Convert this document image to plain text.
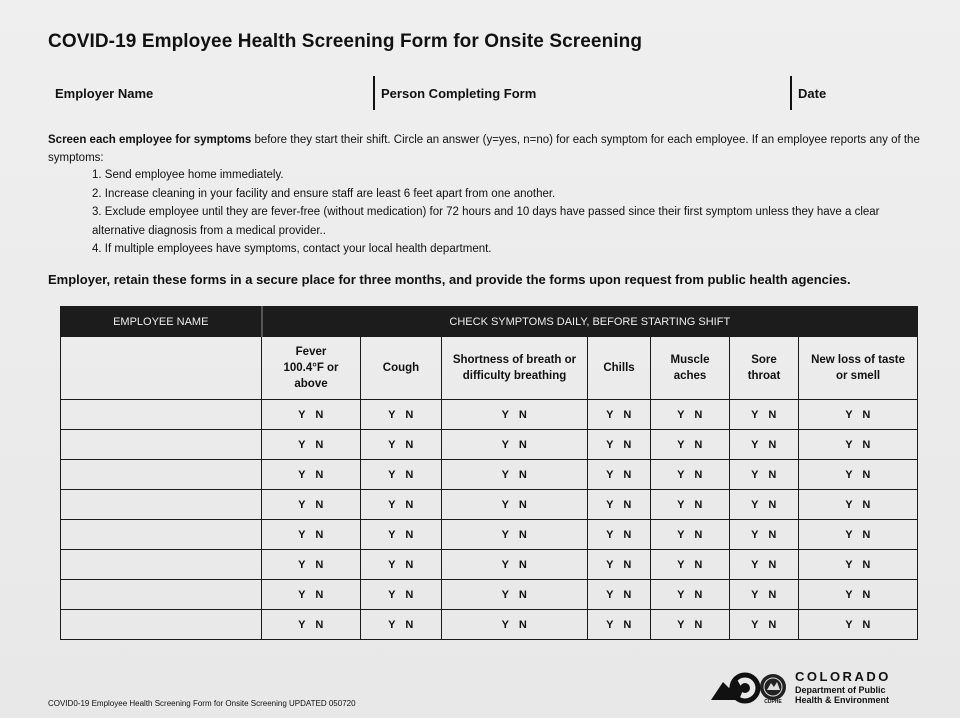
COVID-19 Employee Health Screening Form for Onsite Screening
Employer Name	Person Completing Form	Date
Screen each employee for symptoms before they start their shift. Circle an answer (y=yes, n=no) for each symptom for each employee. If an employee reports any of the symptoms:
1. Send employee home immediately.
2. Increase cleaning in your facility and ensure staff are least 6 feet apart from one another.
3. Exclude employee until they are fever-free (without medication) for 72 hours and 10 days have passed since their first symptom unless they have a clear alternative diagnosis from a medical provider..
4. If multiple employees have symptoms, contact your local health department.
Employer, retain these forms in a secure place for three months, and provide the forms upon request from public health agencies.
EMPLOYEE NAME	CHECK SYMPTOMS DAILY, BEFORE STARTING SHIFT						
	Fever 100.4°F or above	Cough	Shortness of breath or difficulty breathing	Chills	Muscle aches	Sore throat	New loss of taste or smell
	Y N	Y N	Y N	Y N	Y N	Y N	Y N
	Y N	Y N	Y N	Y N	Y N	Y N	Y N
	Y N	Y N	Y N	Y N	Y N	Y N	Y N
	Y N	Y N	Y N	Y N	Y N	Y N	Y N
	Y N	Y N	Y N	Y N	Y N	Y N	Y N
	Y N	Y N	Y N	Y N	Y N	Y N	Y N
	Y N	Y N	Y N	Y N	Y N	Y N	Y N
	Y N	Y N	Y N	Y N	Y N	Y N	Y N
COVID0-19 Employee Health Screening Form for Onsite Screening UPDATED 050720	CDPHE
COLORADO
Department of Public
Health & Environment
